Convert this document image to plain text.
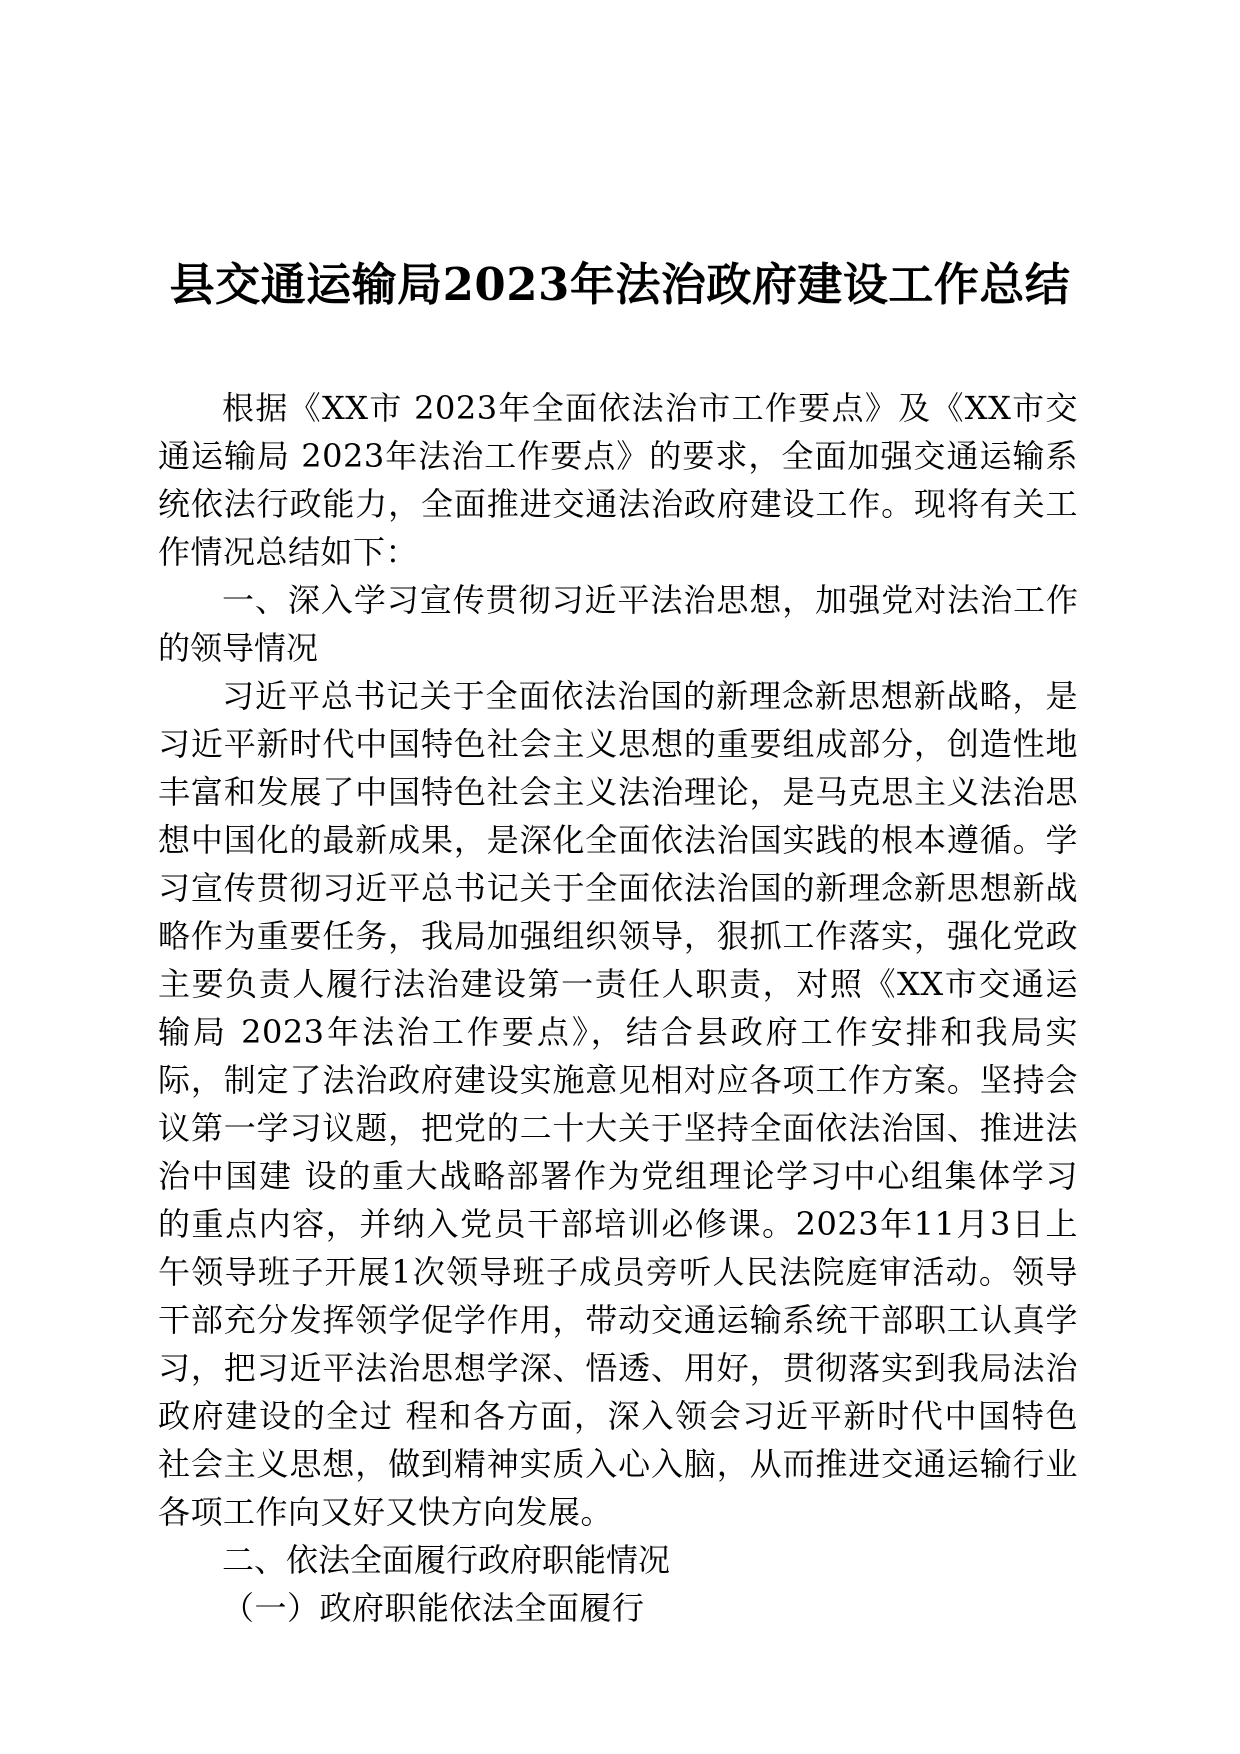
县交通运输局2023年法治政府建设工作总结

根据《XX市 2023年全面依法治市工作要点》及《XX市交通运输局 2023年法治工作要点》的要求，全面加强交通运输系统依法行政能力，全面推进交通法治政府建设工作。现将有关工作情况总结如下：

一、深入学习宣传贯彻习近平法治思想，加强党对法治工作的领导情况

习近平总书记关于全面依法治国的新理念新思想新战略，是习近平新时代中国特色社会主义思想的重要组成部分，创造性地丰富和发展了中国特色社会主义法治理论，是马克思主义法治思想中国化的最新成果，是深化全面依法治国实践的根本遵循。学习宣传贯彻习近平总书记关于全面依法治国的新理念新思想新战略作为重要任务，我局加强组织领导，狠抓工作落实，强化党政主要负责人履行法治建设第一责任人职责，对照《XX市交通运输局 2023年法治工作要点》，结合县政府工作安排和我局实际，制定了法治政府建设实施意见相对应各项工作方案。坚持会议第一学习议题，把党的二十大关于坚持全面依法治国、推进法治中国建 设的重大战略部署作为党组理论学习中心组集体学习的重点内容，并纳入党员干部培训必修课。2023年11月3日上午领导班子开展1次领导班子成员旁听人民法院庭审活动。领导干部充分发挥领学促学作用，带动交通运输系统干部职工认真学习，把习近平法治思想学深、悟透、用好，贯彻落实到我局法治政府建设的全过 程和各方面，深入领会习近平新时代中国特色社会主义思想，做到精神实质入心入脑，从而推进交通运输行业各项工作向又好又快方向发展。

二、依法全面履行政府职能情况

（一）政府职能依法全面履行
